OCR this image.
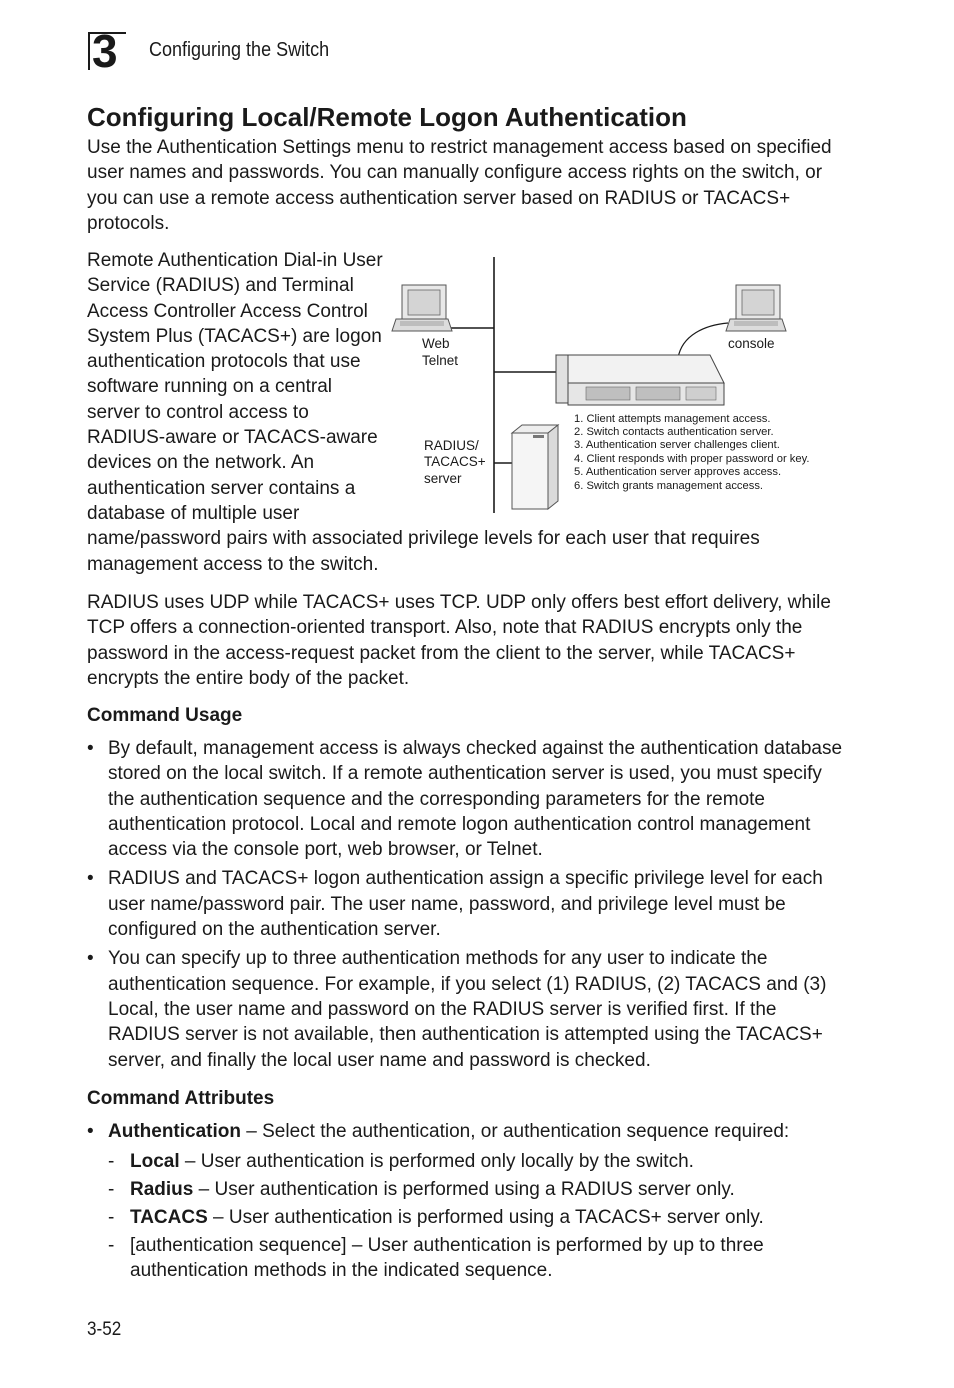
3 Configuring the Switch
Configuring Local/Remote Logon Authentication

Use the Authentication Settings menu to restrict management access based on specified user names and passwords. You can manually configure access rights on the switch, or you can use a remote access authentication server based on RADIUS or TACACS+ protocols.

Remote Authentication Dial-in User Service (RADIUS) and Terminal Access Controller Access Control System Plus (TACACS+) are logon authentication protocols that use software running on a central server to control access to RADIUS-aware or TACACS-aware devices on the network. An authentication server contains a database of multiple user name/password pairs with associated privilege levels for each user that requires management access to the switch.
Web
Telnet
console
RADIUS/
TACACS+
server
1. Client attempts management access.
2. Switch contacts authentication server.
3. Authentication server challenges client.
4. Client responds with proper password or key.
5. Authentication server approves access.
6. Switch grants management access.

RADIUS uses UDP while TACACS+ uses TCP. UDP only offers best effort delivery, while TCP offers a connection-oriented transport. Also, note that RADIUS encrypts only the password in the access-request packet from the client to the server, while TACACS+ encrypts the entire body of the packet.

Command Usage
• By default, management access is always checked against the authentication database stored on the local switch. If a remote authentication server is used, you must specify the authentication sequence and the corresponding parameters for the remote authentication protocol. Local and remote logon authentication control management access via the console port, web browser, or Telnet.
• RADIUS and TACACS+ logon authentication assign a specific privilege level for each user name/password pair. The user name, password, and privilege level must be configured on the authentication server.
• You can specify up to three authentication methods for any user to indicate the authentication sequence. For example, if you select (1) RADIUS, (2) TACACS and (3) Local, the user name and password on the RADIUS server is verified first. If the RADIUS server is not available, then authentication is attempted using the TACACS+ server, and finally the local user name and password is checked.
Command Attributes
• Authentication – Select the authentication, or authentication sequence required:
- Local – User authentication is performed only locally by the switch.
- Radius – User authentication is performed using a RADIUS server only.
- TACACS – User authentication is performed using a TACACS+ server only.
- [authentication sequence] – User authentication is performed by up to three authentication methods in the indicated sequence.
3-52
